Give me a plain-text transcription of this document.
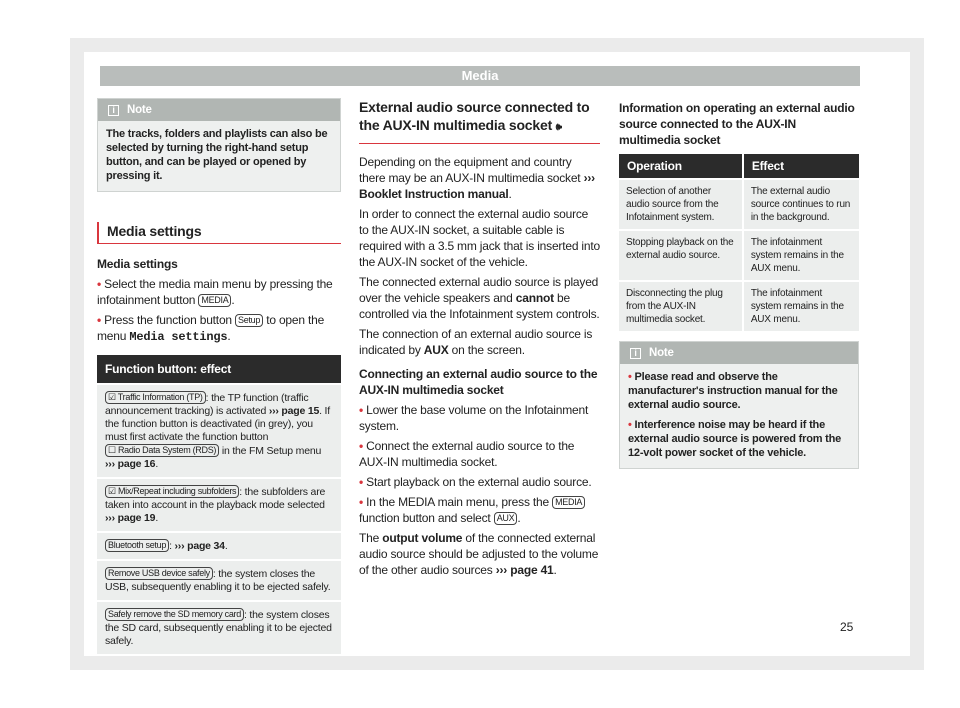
Media
i Note
The tracks, folders and playlists can also be selected by turning the right-hand setup button, and can be played or opened by pressing it.
Media settings
Media settings

• Select the media main menu by pressing the infotainment button MEDIA .

• Press the function button Setup to open the menu Media settings.

Function button: effect

☑ Traffic Information (TP) : the TP function (traffic announcement tracking) is activated ››› page 15. If the function button is deactivated (in grey), you must first activate the function button ☐ Radio Data System (RDS) in the FM Setup menu ››› page 16.

☑ Mix/Repeat including subfolders : the subfolders are taken into account in the playback mode selected ››› page 19.

Bluetooth setup : ››› page 34.

Remove USB device safely : the system closes the USB, subsequently enabling it to be ejected safely.

Safely remove the SD memory card : the system closes the SD card, subsequently enabling it to be ejected safely.

External audio source connected to the AUX-IN multimedia socket 🕪

Depending on the equipment and country there may be an AUX-IN multimedia socket ››› Booklet Instruction manual.

In order to connect the external audio source to the AUX-IN socket, a suitable cable is required with a 3.5 mm jack that is inserted into the AUX-IN socket of the vehicle.

The connected external audio source is played over the vehicle speakers and cannot be controlled via the Infotainment system controls.

The connection of an external audio source is indicated by AUX on the screen.

Connecting an external audio source to the AUX-IN multimedia socket

• Lower the base volume on the Infotainment system.

• Connect the external audio source to the AUX-IN multimedia socket.

• Start playback on the external audio source.

• In the MEDIA main menu, press the MEDIA function button and select AUX .

The output volume of the connected external audio source should be adjusted to the volume of the other audio sources ››› page 41.

Information on operating an external audio source connected to the AUX-IN multimedia socket
Operation	Effect
Selection of another audio source from the Infotainment system.	The external audio source continues to run in the background.
Stopping playback on the external audio source.	The infotainment system remains in the AUX menu.
Disconnecting the plug from the AUX-IN multimedia socket.	The infotainment system remains in the AUX menu.
i Note

• Please read and observe the manufacturer's instruction manual for the external audio source.

• Interference noise may be heard if the external audio source is powered from the 12-volt power socket of the vehicle.

25
